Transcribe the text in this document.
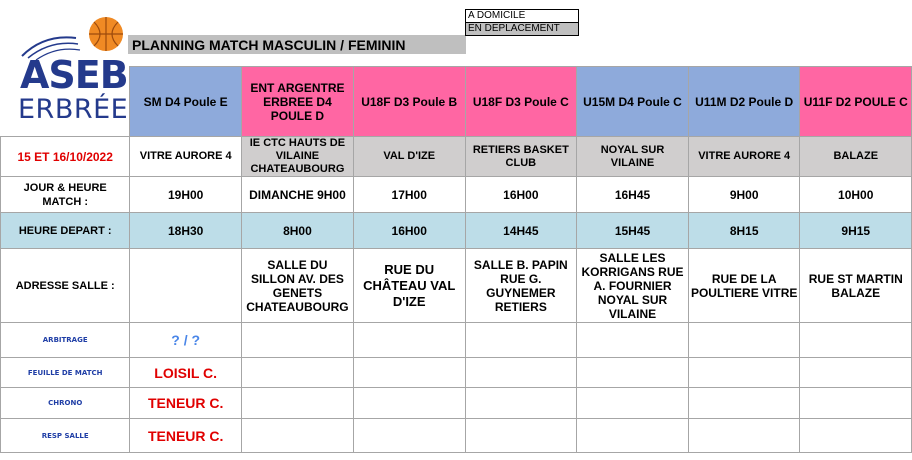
ASEB
ERBRÉE
PLANNING MATCH MASCULIN / FEMININ
A DOMICILE
EN DEPLACEMENT
	SM D4 Poule E	ENT ARGENTRE ERBREE D4 POULE D	U18F D3 Poule B	U18F D3 Poule C	U15M D4 Poule C	U11M D2 Poule D	U11F D2 POULE C
15 ET 16/10/2022	VITRE AURORE 4	IE CTC HAUTS DE VILAINE CHATEAUBOURG	VAL D'IZE	RETIERS BASKET CLUB	NOYAL SUR VILAINE	VITRE AURORE 4	BALAZE
JOUR & HEURE MATCH :	19H00	DIMANCHE 9H00	17H00	16H00	16H45	9H00	10H00
HEURE DEPART :	18H30	8H00	16H00	14H45	15H45	8H15	9H15
ADRESSE SALLE :		SALLE DU SILLON AV. DES GENETS CHATEAUBOURG	RUE DU CHÂTEAU VAL D'IZE	SALLE B. PAPIN RUE G. GUYNEMER RETIERS	SALLE LES KORRIGANS RUE A. FOURNIER NOYAL SUR VILAINE	RUE DE LA POULTIERE VITRE	RUE ST MARTIN BALAZE
ARBITRAGE	? / ?						
FEUILLE DE MATCH	LOISIL C.						
CHRONO	TENEUR C.						
RESP SALLE	TENEUR C.						
